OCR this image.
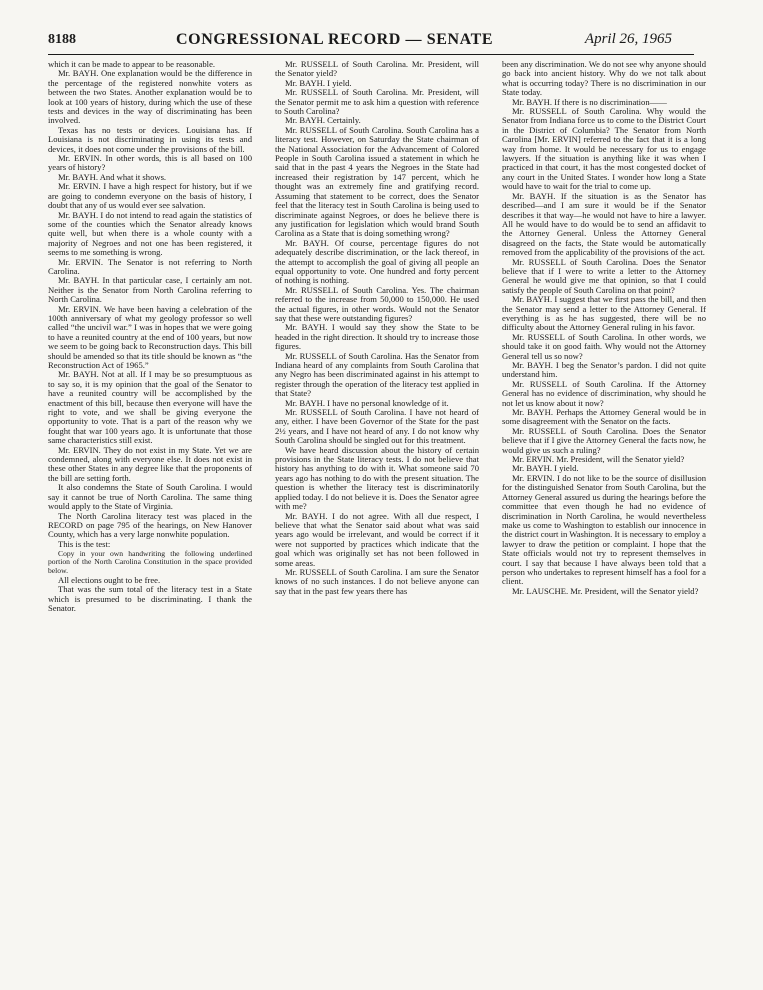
8188	CONGRESSIONAL RECORD — SENATE	April 26, 1965

which it can be made to appear to be reasonable.

Mr. BAYH. One explanation would be the difference in the percentage of the registered nonwhite voters as between the two States. Another explanation would be to look at 100 years of history, during which the use of these tests and devices in the way of discriminating has been involved.

Texas has no tests or devices. Louisiana has. If Louisiana is not discriminating in using its tests and devices, it does not come under the provisions of the bill.

Mr. ERVIN. In other words, this is all based on 100 years of history?

Mr. BAYH. And what it shows.

Mr. ERVIN. I have a high respect for history, but if we are going to condemn everyone on the basis of history, I doubt that any of us would ever see salvation.

Mr. BAYH. I do not intend to read again the statistics of some of the counties which the Senator already knows quite well, but when there is a whole county with a majority of Negroes and not one has been registered, it seems to me something is wrong.

Mr. ERVIN. The Senator is not referring to North Carolina.

Mr. BAYH. In that particular case, I certainly am not. Neither is the Senator from North Carolina referring to North Carolina.

Mr. ERVIN. We have been having a celebration of the 100th anniversary of what my geology professor so well called “the uncivil war.” I was in hopes that we were going to have a reunited country at the end of 100 years, but now we seem to be going back to Reconstruction days. This bill should be amended so that its title should be known as “the Reconstruction Act of 1965.”

Mr. BAYH. Not at all. If I may be so presumptuous as to say so, it is my opinion that the goal of the Senator to have a reunited country will be accomplished by the enactment of this bill, because then everyone will have the right to vote, and we shall be giving everyone the opportunity to vote. That is a part of the reason why we fought that war 100 years ago. It is unfortunate that those same characteristics still exist.

Mr. ERVIN. They do not exist in my State. Yet we are condemned, along with everyone else. It does not exist in these other States in any degree like that the proponents of the bill are setting forth.

It also condemns the State of South Carolina. I would say it cannot be true of North Carolina. The same thing would apply to the State of Virginia.

The North Carolina literacy test was placed in the RECORD on page 795 of the hearings, on New Hanover County, which has a very large nonwhite population.

This is the test:

Copy in your own handwriting the following underlined portion of the North Carolina Constitution in the space provided below.

All elections ought to be free.

That was the sum total of the literacy test in a State which is presumed to be discriminating. I thank the Senator.

Mr. RUSSELL of South Carolina. Mr. President, will the Senator yield?

Mr. BAYH. I yield.

Mr. RUSSELL of South Carolina. Mr. President, will the Senator permit me to ask him a question with reference to South Carolina?

Mr. BAYH. Certainly.

Mr. RUSSELL of South Carolina. South Carolina has a literacy test. However, on Saturday the State chairman of the National Association for the Advancement of Colored People in South Carolina issued a statement in which he said that in the past 4 years the Negroes in the State had increased their registration by 147 percent, which he thought was an extremely fine and gratifying record. Assuming that statement to be correct, does the Senator feel that the literacy test in South Carolina is being used to discriminate against Negroes, or does he believe there is any justification for legislation which would brand South Carolina as a State that is doing something wrong?

Mr. BAYH. Of course, percentage figures do not adequately describe discrimination, or the lack thereof, in the attempt to accomplish the goal of giving all people an equal opportunity to vote. One hundred and forty percent of nothing is nothing.

Mr. RUSSELL of South Carolina. Yes. The chairman referred to the increase from 50,000 to 150,000. He used the actual figures, in other words. Would not the Senator say that these were outstanding figures?

Mr. BAYH. I would say they show the State to be headed in the right direction. It should try to increase those figures.

Mr. RUSSELL of South Carolina. Has the Senator from Indiana heard of any complaints from South Carolina that any Negro has been discriminated against in his attempt to register through the operation of the literacy test applied in that State?

Mr. BAYH. I have no personal knowledge of it.

Mr. RUSSELL of South Carolina. I have not heard of any, either. I have been Governor of the State for the past 2½ years, and I have not heard of any. I do not know why South Carolina should be singled out for this treatment.

We have heard discussion about the history of certain provisions in the State literacy tests. I do not believe that history has anything to do with it. What someone said 70 years ago has nothing to do with the present situation. The question is whether the literacy test is discriminatorily applied today. I do not believe it is. Does the Senator agree with me?

Mr. BAYH. I do not agree. With all due respect, I believe that what the Senator said about what was said years ago would be irrelevant, and would be correct if it were not supported by practices which indicate that the goal which was originally set has not been followed in some areas.

Mr. RUSSELL of South Carolina. I am sure the Senator knows of no such instances. I do not believe anyone can say that in the past few years there has

been any discrimination. We do not see why anyone should go back into ancient history. Why do we not talk about what is occurring today? There is no discrimination in our State today.

Mr. BAYH. If there is no discrimination——

Mr. RUSSELL of South Carolina. Why would the Senator from Indiana force us to come to the District Court in the District of Columbia? The Senator from North Carolina [Mr. ERVIN] referred to the fact that it is a long way from home. It would be necessary for us to engage lawyers. If the situation is anything like it was when I practiced in that court, it has the most congested docket of any court in the United States. I wonder how long a State would have to wait for the trial to come up.

Mr. BAYH. If the situation is as the Senator has described—and I am sure it would be if the Senator describes it that way—he would not have to hire a lawyer. All he would have to do would be to send an affidavit to the Attorney General. Unless the Attorney General disagreed on the facts, the State would be automatically removed from the applicability of the provisions of the act.

Mr. RUSSELL of South Carolina. Does the Senator believe that if I were to write a letter to the Attorney General he would give me that opinion, so that I could satisfy the people of South Carolina on that point?

Mr. BAYH. I suggest that we first pass the bill, and then the Senator may send a letter to the Attorney General. If everything is as he has suggested, there will be no difficulty about the Attorney General ruling in his favor.

Mr. RUSSELL of South Carolina. In other words, we should take it on good faith. Why would not the Attorney General tell us so now?

Mr. BAYH. I beg the Senator’s pardon. I did not quite understand him.

Mr. RUSSELL of South Carolina. If the Attorney General has no evidence of discrimination, why should he not let us know about it now?

Mr. BAYH. Perhaps the Attorney General would be in some disagreement with the Senator on the facts.

Mr. RUSSELL of South Carolina. Does the Senator believe that if I give the Attorney General the facts now, he would give us such a ruling?

Mr. ERVIN. Mr. President, will the Senator yield?

Mr. BAYH. I yield.

Mr. ERVIN. I do not like to be the source of disillusion for the distinguished Senator from South Carolina, but the Attorney General assured us during the hearings before the committee that even though he had no evidence of discrimination in North Carolina, he would nevertheless make us come to Washington to establish our innocence in the district court in Washington. It is necessary to employ a lawyer to draw the petition or complaint. I hope that the State officials would not try to represent themselves in court. I say that because I have always been told that a person who undertakes to represent himself has a fool for a client.

Mr. LAUSCHE. Mr. President, will the Senator yield?
